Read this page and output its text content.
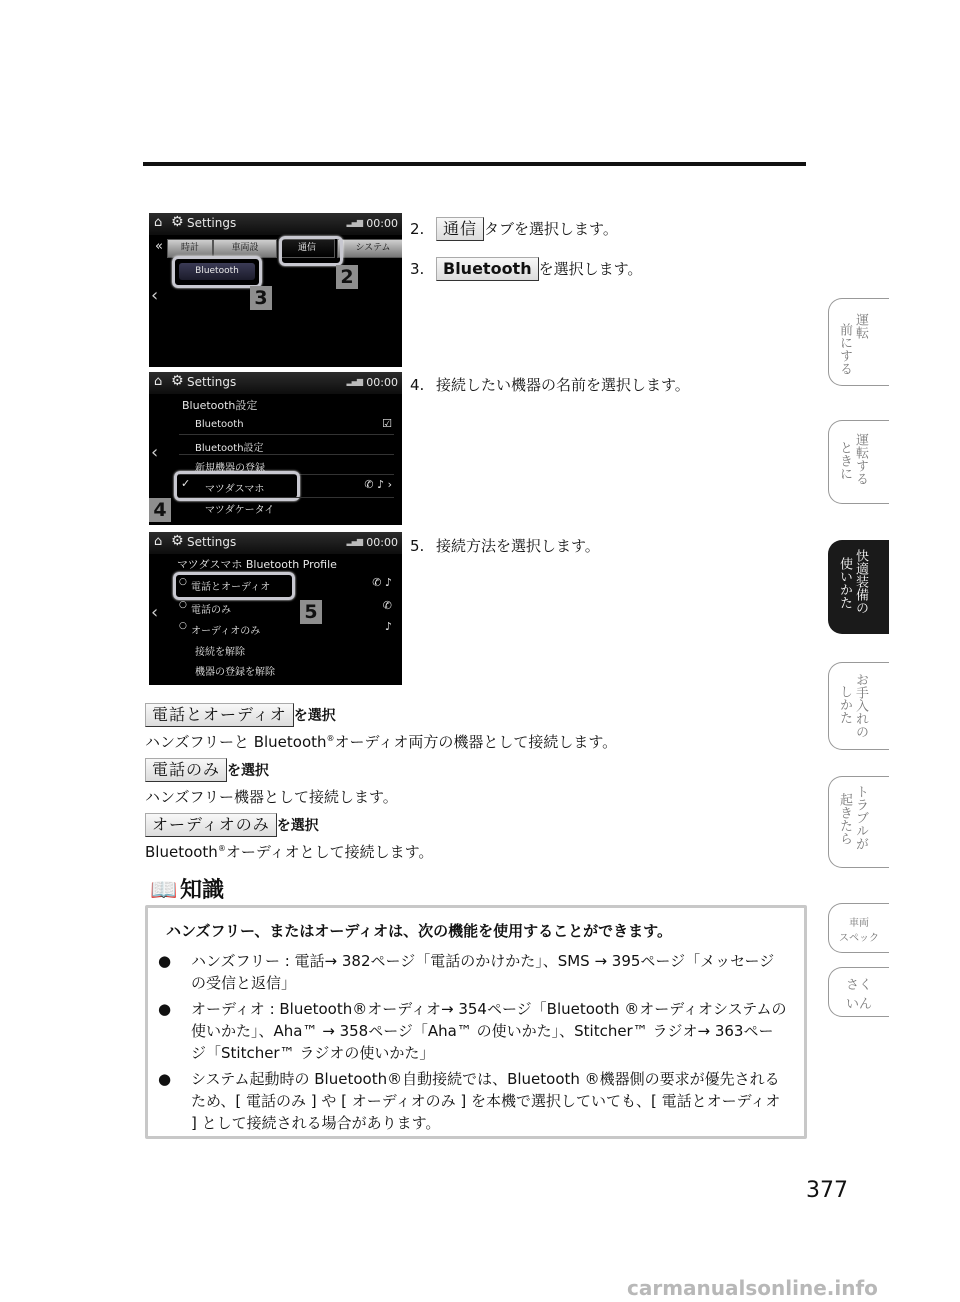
⌂ ⚙ Settings	▂▄▆ 00:00
«	時計	車両設	通信	システム
Bluetooth	2
3
‹
⌂ ⚙ Settings	▂▄▆ 00:00
Bluetooth設定
Bluetooth	☑
Bluetooth設定
新規機器の登録
✓ マツダスマホ	✆ ♪ ›
マツダケータイ
‹
4
⌂ ⚙ Settings	▂▄▆ 00:00
マツダスマホ Bluetooth Profile
○ 電話とオーディオ	✆ ♪
○ 電話のみ	✆
○ オーディオのみ	♪
接続を解除
機器の登録を解除
‹	5
2. 通信 タブを選択します。
3. Bluetooth を選択します。
4. 接続したい機器の名前を選択します。
5. 接続方法を選択します。
電話とオーディオ を選択
ハンズフリーと Bluetooth®オーディオ両方の機器として接続します。
電話のみ を選択
ハンズフリー機器として接続します。
オーディオのみ を選択
Bluetooth®オーディオとして接続します。
📖 知識
ハンズフリー、またはオーディオは、次の機能を使用することができます。
● ハンズフリー : 電話→ 382ページ「電話のかけかた」、SMS → 395ページ「メッセージの受信と返信」
● オーディオ : Bluetooth®オーディオ→ 354ページ「Bluetooth ®オーディオシステムの使いかた」、Aha™ → 358ページ「Aha™ の使いかた」、Stitcher™ ラジオ→ 363ページ「Stitcher™ ラジオの使いかた」
● システム起動時の Bluetooth®自動接続では、Bluetooth ®機器側の要求が優先されるため、[ 電話のみ ] や [ オーディオのみ ] を本機で選択していても、[ 電話とオーディオ ] として接続される場合があります。
運転
前にする
運転する
ときに
快適装備の
使いかた
お手入れの
しかた
トラブルが
起きたら
車両
スペック
さく
いん
377
carmanualsonline.info
